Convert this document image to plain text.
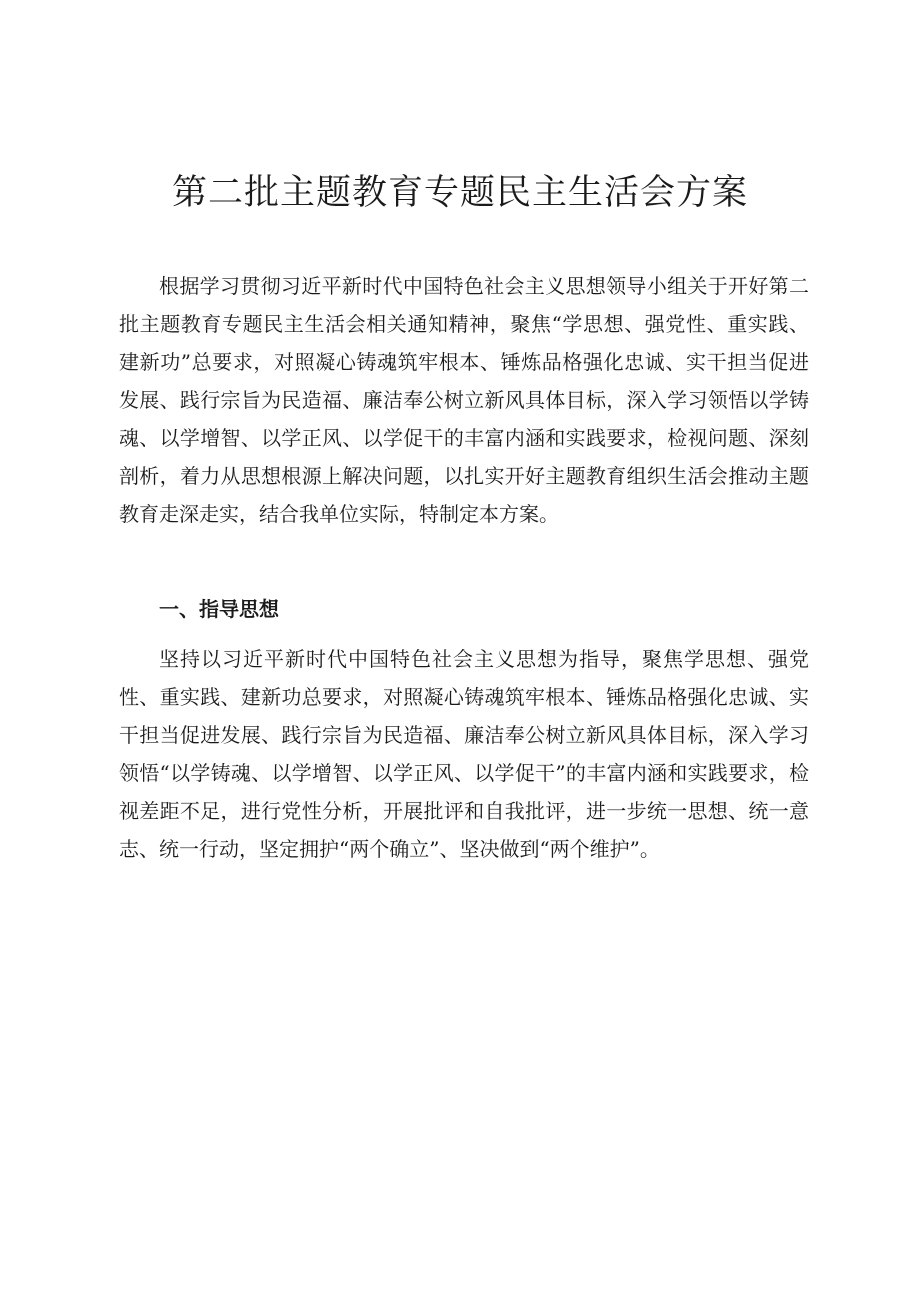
第二批主题教育专题民主生活会方案

根据学习贯彻习近平新时代中国特色社会主义思想领导小组关于开好第二批主题教育专题民主生活会相关通知精神，聚焦“学思想、强党性、重实践、建新功”总要求，对照凝心铸魂筑牢根本、锤炼品格强化忠诚、实干担当促进发展、践行宗旨为民造福、廉洁奉公树立新风具体目标，深入学习领悟以学铸魂、以学增智、以学正风、以学促干的丰富内涵和实践要求，检视问题、深刻剖析，着力从思想根源上解决问题，以扎实开好主题教育组织生活会推动主题教育走深走实，结合我单位实际，特制定本方案。

一、指导思想

坚持以习近平新时代中国特色社会主义思想为指导，聚焦学思想、强党性、重实践、建新功总要求，对照凝心铸魂筑牢根本、锤炼品格强化忠诚、实干担当促进发展、践行宗旨为民造福、廉洁奉公树立新风具体目标，深入学习领悟“以学铸魂、以学增智、以学正风、以学促干”的丰富内涵和实践要求，检视差距不足，进行党性分析，开展批评和自我批评，进一步统一思想、统一意志、统一行动，坚定拥护“两个确立”、坚决做到“两个维护”。
